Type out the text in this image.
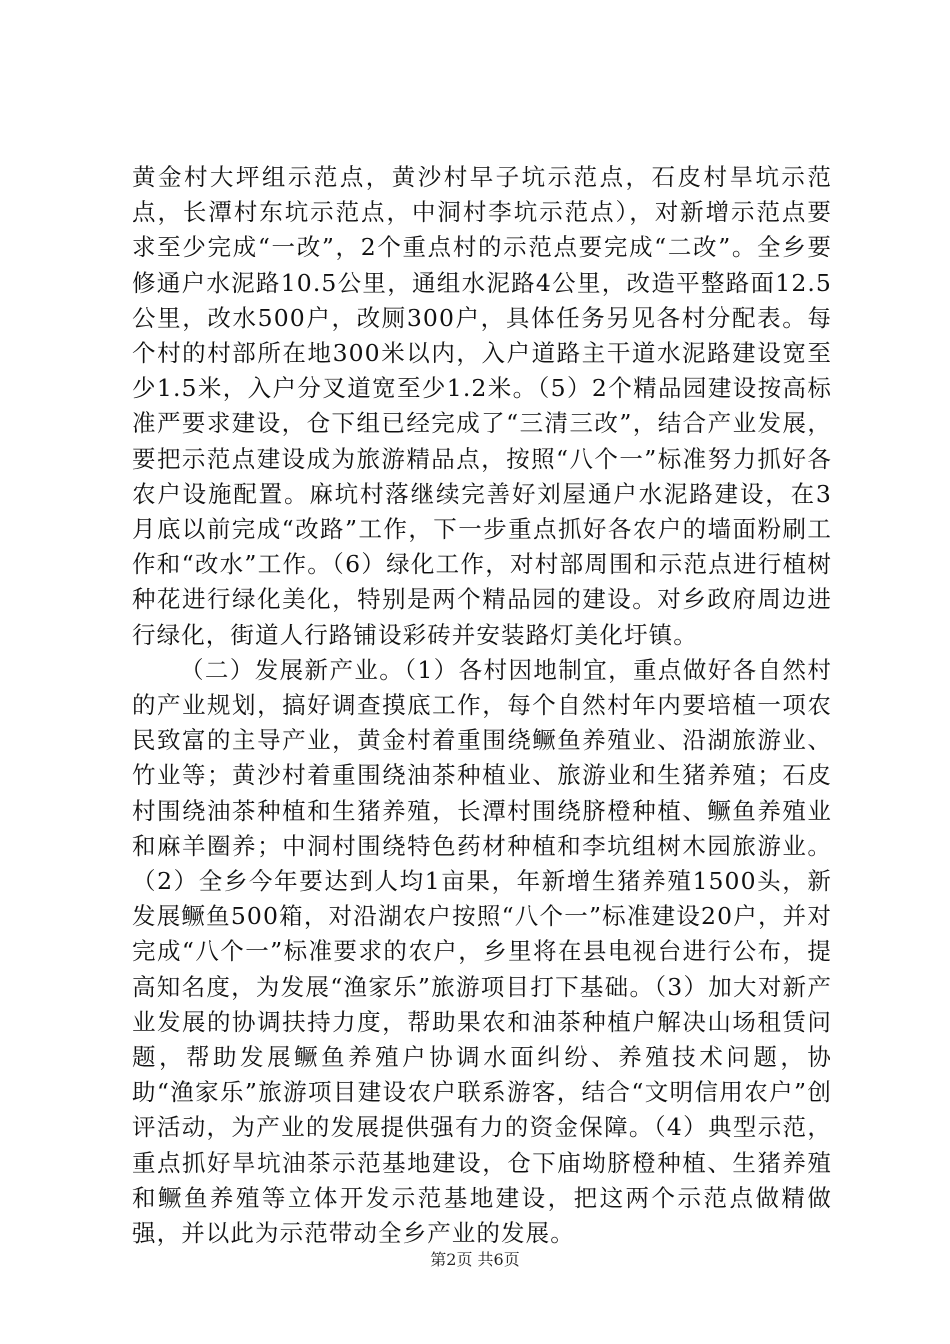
黄金村大坪组示范点，黄沙村早子坑示范点，石皮村旱坑示范点，长潭村东坑示范点，中洞村李坑示范点），对新增示范点要求至少完成“一改”，2个重点村的示范点要完成“二改”。全乡要修通户水泥路10.5公里，通组水泥路4公里，改造平整路面12.5公里，改水500户，改厕300户，具体任务另见各村分配表。每个村的村部所在地300米以内，入户道路主干道水泥路建设宽至少1.5米，入户分叉道宽至少1.2米。（5）2个精品园建设按高标准严要求建设，仓下组已经完成了“三清三改”，结合产业发展，要把示范点建设成为旅游精品点，按照“八个一”标准努力抓好各农户设施配置。麻坑村落继续完善好刘屋通户水泥路建设，在3月底以前完成“改路”工作，下一步重点抓好各农户的墙面粉刷工作和“改水”工作。（6）绿化工作，对村部周围和示范点进行植树种花进行绿化美化，特别是两个精品园的建设。对乡政府周边进行绿化，街道人行路铺设彩砖并安装路灯美化圩镇。

（二）发展新产业。（1）各村因地制宜，重点做好各自然村的产业规划，搞好调查摸底工作，每个自然村年内要培植一项农民致富的主导产业，黄金村着重围绕鳜鱼养殖业、沿湖旅游业、竹业等；黄沙村着重围绕油茶种植业、旅游业和生猪养殖；石皮村围绕油茶种植和生猪养殖，长潭村围绕脐橙种植、鳜鱼养殖业和麻羊圈养；中洞村围绕特色药材种植和李坑组树木园旅游业。（2）全乡今年要达到人均1亩果，年新增生猪养殖1500头，新发展鳜鱼500箱，对沿湖农户按照“八个一”标准建设20户，并对完成“八个一”标准要求的农户，乡里将在县电视台进行公布，提高知名度，为发展“渔家乐”旅游项目打下基础。（3）加大对新产业发展的协调扶持力度，帮助果农和油茶种植户解决山场租赁问题，帮助发展鳜鱼养殖户协调水面纠纷、养殖技术问题，协助“渔家乐”旅游项目建设农户联系游客，结合“文明信用农户”创评活动，为产业的发展提供强有力的资金保障。（4）典型示范，重点抓好旱坑油茶示范基地建设，仓下庙坳脐橙种植、生猪养殖和鳜鱼养殖等立体开发示范基地建设，把这两个示范点做精做强，并以此为示范带动全乡产业的发展。

第2页 共6页
